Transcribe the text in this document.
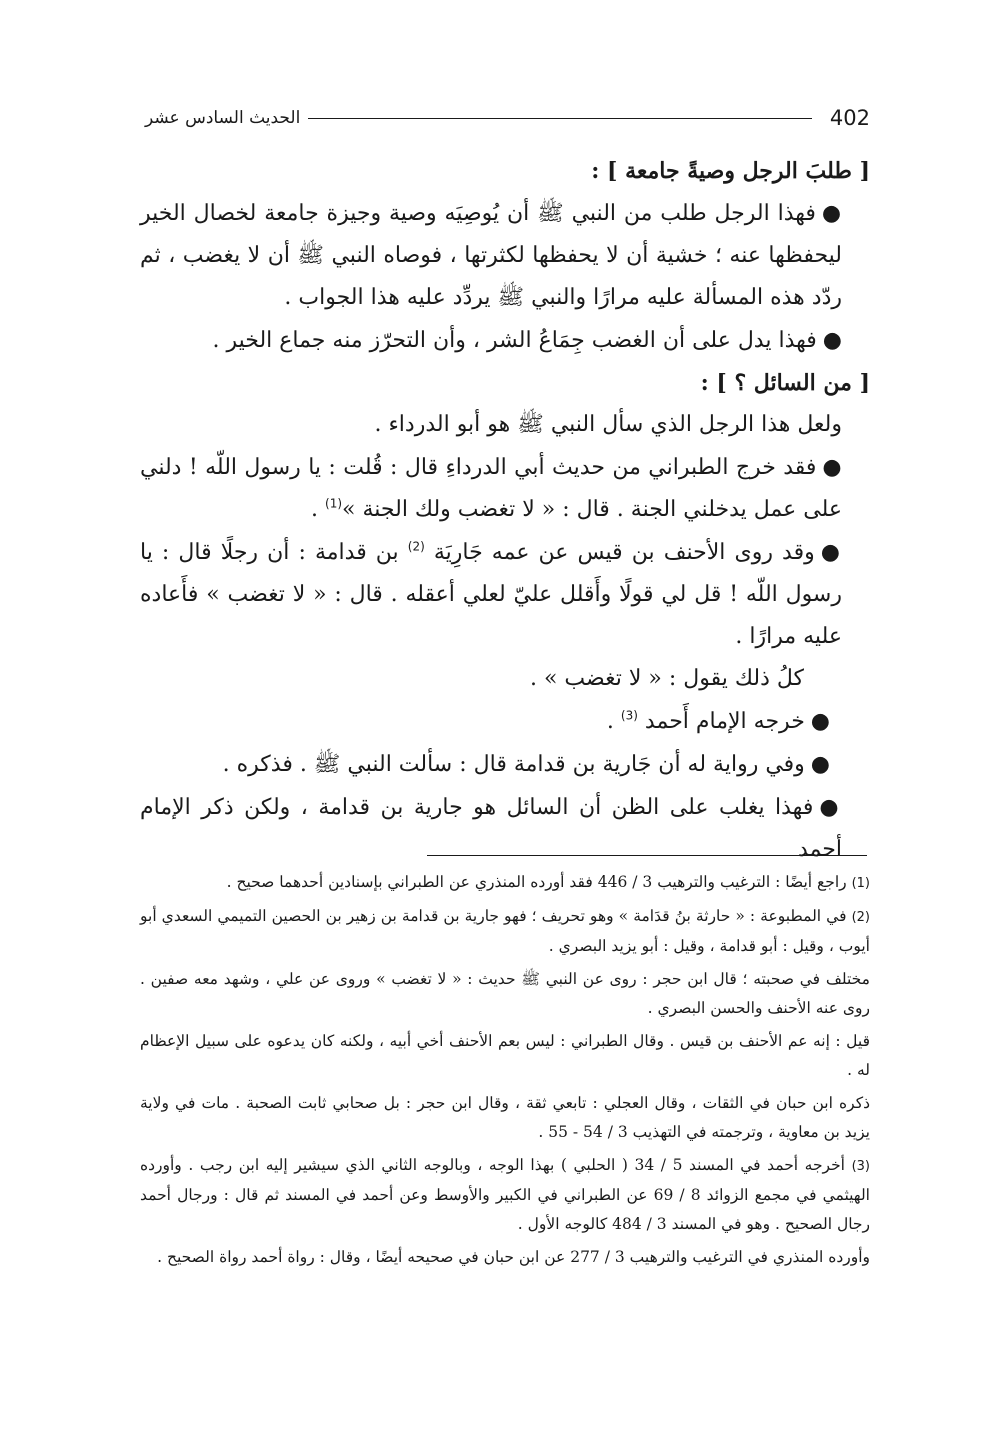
402
الحديث السادس عشر

[ طلبَ الرجل وصيةً جامعة ] :

●فهذا الرجل طلب من النبي ﷺ أن يُوصِيَه وصية وجيزة جامعة لخصال الخير ليحفظها عنه ؛ خشية أن لا يحفظها لكثرتها ، فوصاه النبي ﷺ أن لا يغضب ، ثم ردّد هذه المسألة عليه مرارًا والنبي ﷺ يردِّد عليه هذا الجواب .

●فهذا يدل على أن الغضب جِمَاعُ الشر ، وأن التحرّز منه جماع الخير .

[ من السائل ؟ ] :

ولعل هذا الرجل الذي سأل النبي ﷺ هو أبو الدرداء .

●فقد خرج الطبراني من حديث أبي الدرداءِ قال : قُلت : يا رسول اللّه ! دلني على عمل يدخلني الجنة . قال : « لا تغضب ولك الجنة »$^{(1)}$ .

●وقد روى الأحنف بن قيس عن عمه جَارِيَة $^{(2)}$ بن قدامة : أن رجلًا قال : يا رسول اللّه ! قل لي قولًا وأَقلل عليّ لعلي أعقله . قال : « لا تغضب » فأَعاده عليه مرارًا .

كلُ ذلك يقول : « لا تغضب » .

●خرجه الإمام أَحمد $^{(3)}$ .

●وفي رواية له أن جَارية بن قدامة قال : سألت النبي ﷺ . فذكره .

●فهذا يغلب على الظن أن السائل هو جارية بن قدامة ، ولكن ذكر الإمام أحمد

(1) راجع أيضًا : الترغيب والترهيب 3 / 446 فقد أورده المنذري عن الطبراني بإسنادين أحدهما صحيح .

(2) في المطبوعة : « حارثة بنُ قدَامة » وهو تحريف ؛ فهو جارية بن قدامة بن زهير بن الحصين التميمي السعدي أبو أيوب ، وقيل : أبو قدامة ، وقيل : أبو يزيد البصري .

مختلف في صحبته ؛ قال ابن حجر : روى عن النبي ﷺ حديث : « لا تغضب » وروى عن علي ، وشهد معه صفين . روى عنه الأحنف والحسن البصري .

قيل : إنه عم الأحنف بن قيس . وقال الطبراني : ليس بعم الأحنف أخي أبيه ، ولكنه كان يدعوه على سبيل الإعظام له .

ذكره ابن حبان في الثقات ، وقال العجلي : تابعي ثقة ، وقال ابن حجر : بل صحابي ثابت الصحبة . مات في ولاية يزيد بن معاوية ، وترجمته في التهذيب 3 / 54 - 55 .

(3) أخرجه أحمد في المسند 5 / 34 ( الحلبي ) بهذا الوجه ، وبالوجه الثاني الذي سيشير إليه ابن رجب . وأورده الهيثمي في مجمع الزوائد 8 / 69 عن الطبراني في الكبير والأوسط وعن أحمد في المسند ثم قال : ورجال أحمد رجال الصحيح . وهو في المسند 3 / 484 كالوجه الأول .

وأورده المنذري في الترغيب والترهيب 3 / 277 عن ابن حبان في صحيحه أيضًا ، وقال : رواة أحمد رواة الصحيح .
